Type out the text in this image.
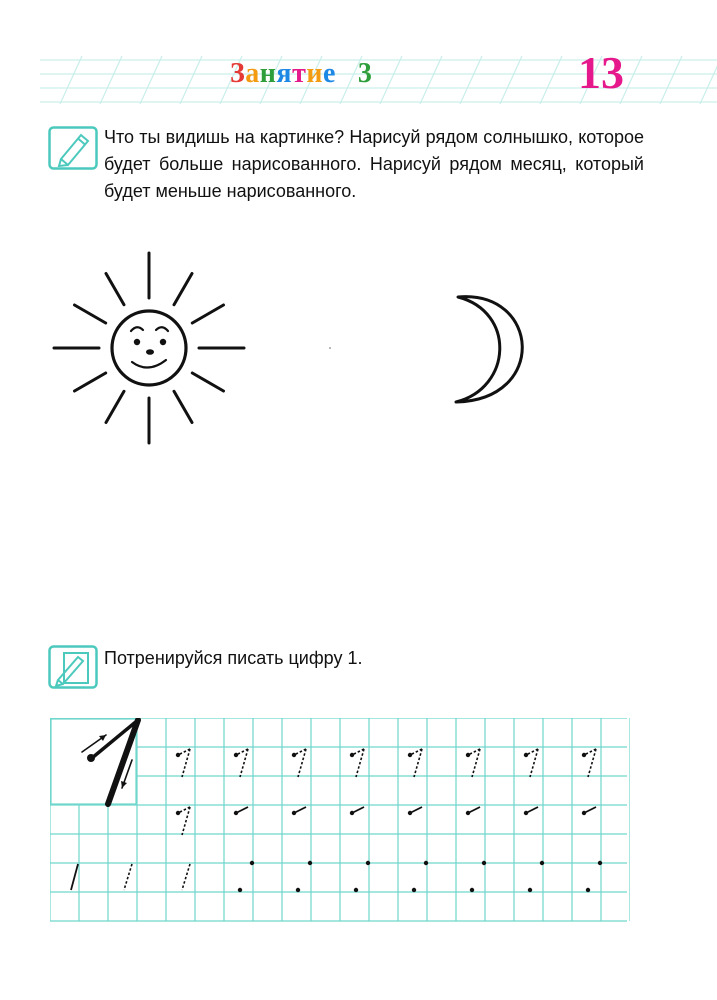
Занятие 3	13
Что ты видишь на картинке? Нарисуй рядом солнышко, которое будет больше нарисованного. Нарисуй рядом месяц, который будет меньше нарисованного.
Потренируйся писать цифру 1.
